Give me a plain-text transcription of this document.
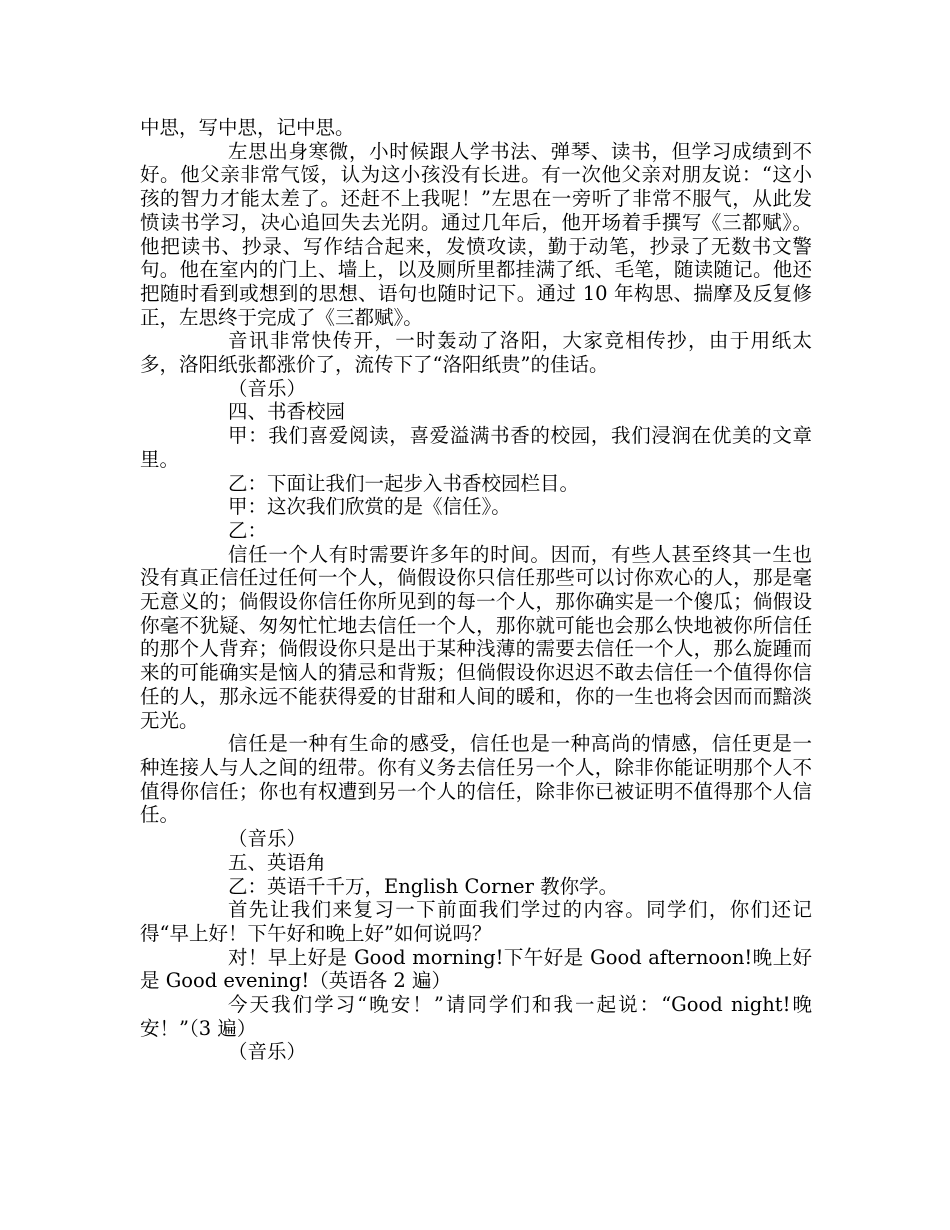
中思，写中思，记中思。

左思出身寒微，小时候跟人学书法、弹琴、读书，但学习成绩到不好。他父亲非常气馁，认为这小孩没有长进。有一次他父亲对朋友说：“这小孩的智力才能太差了。还赶不上我呢！”左思在一旁听了非常不服气，从此发愤读书学习，决心追回失去光阴。通过几年后，他开场着手撰写《三都赋》。他把读书、抄录、写作结合起来，发愤攻读，勤于动笔，抄录了无数书文警句。他在室内的门上、墙上，以及厕所里都挂满了纸、毛笔，随读随记。他还把随时看到或想到的思想、语句也随时记下。通过 10 年构思、揣摩及反复修正，左思终于完成了《三都赋》。

音讯非常快传开，一时轰动了洛阳，大家竞相传抄，由于用纸太多，洛阳纸张都涨价了，流传下了“洛阳纸贵”的佳话。

（音乐）

四、书香校园

甲：我们喜爱阅读，喜爱溢满书香的校园，我们浸润在优美的文章里。

乙：下面让我们一起步入书香校园栏目。

甲：这次我们欣赏的是《信任》。

乙：

信任一个人有时需要许多年的时间。因而，有些人甚至终其一生也没有真正信任过任何一个人，倘假设你只信任那些可以讨你欢心的人，那是毫无意义的；倘假设你信任你所见到的每一个人，那你确实是一个傻瓜；倘假设你毫不犹疑、匆匆忙忙地去信任一个人，那你就可能也会那么快地被你所信任的那个人背弃；倘假设你只是出于某种浅薄的需要去信任一个人，那么旋踵而来的可能确实是恼人的猜忌和背叛；但倘假设你迟迟不敢去信任一个值得你信任的人，那永远不能获得爱的甘甜和人间的暖和，你的一生也将会因而而黯淡无光。

信任是一种有生命的感受，信任也是一种高尚的情感，信任更是一种连接人与人之间的纽带。你有义务去信任另一个人，除非你能证明那个人不值得你信任；你也有权遭到另一个人的信任，除非你已被证明不值得那个人信任。

（音乐）

五、英语角

乙：英语千千万，English Corner 教你学。

首先让我们来复习一下前面我们学过的内容。同学们，你们还记得“早上好！下午好和晚上好”如何说吗？

对！早上好是 Good morning!下午好是 Good afternoon!晚上好是 Good evening!（英语各 2 遍）

今天我们学习“晚安！”请同学们和我一起说：“Good night!晚安！”（3 遍）

（音乐）
